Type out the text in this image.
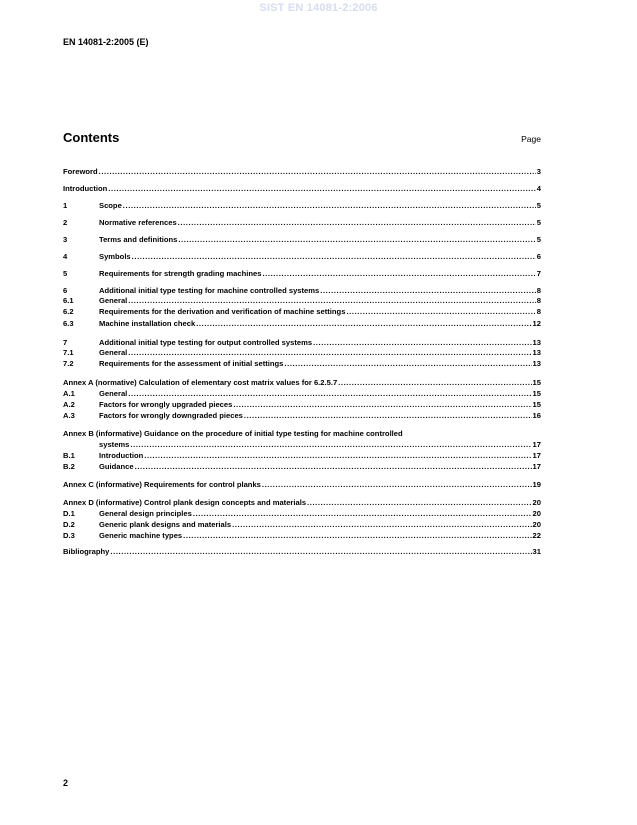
SIST EN 14081-2:2006
EN 14081-2:2005 (E)
Contents	Page
Foreword .....	3
Introduction .....	4
1	Scope .....	5
2	Normative references .....	5
3	Terms and definitions .....	5
4	Symbols .....	6
5	Requirements for strength grading machines .....	7
6	Additional initial type testing for machine controlled systems .....	8
6.1	General .....	8
6.2	Requirements for the derivation and verification of machine settings .....	8
6.3	Machine installation check .....	12
7	Additional initial type testing for output controlled systems .....	13
7.1	General .....	13
7.2	Requirements for the assessment of initial settings .....	13
Annex A (normative) Calculation of elementary cost matrix values for 6.2.5.7 .....	15
A.1	General .....	15
A.2	Factors for wrongly upgraded pieces .....	15
A.3	Factors for wrongly downgraded pieces .....	16
Annex B (informative) Guidance on the procedure of initial type testing for machine controlled
systems .....	17
B.1	Introduction .....	17
B.2	Guidance .....	17
Annex C (informative) Requirements for control planks .....	19
Annex D (informative) Control plank design concepts and materials .....	20
D.1	General design principles .....	20
D.2	Generic plank designs and materials .....	20
D.3	Generic machine types .....	22
Bibliography .....	31
2
